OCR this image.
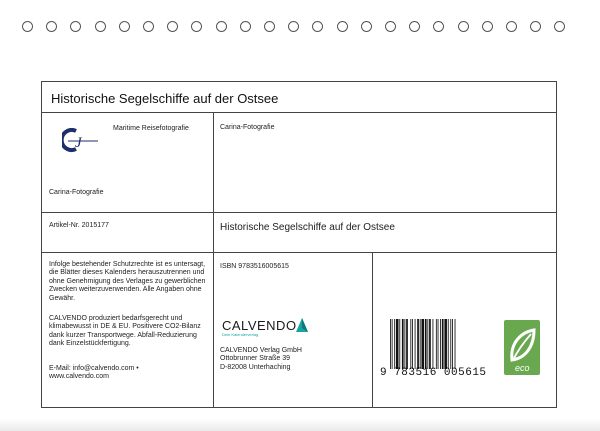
Historische Segelschiffe auf der Ostsee
J
Maritime Reisefotografie
Carina-Fotografie
Carina-Fotografie
Artikel-Nr. 2015177	Historische Segelschiffe auf der Ostsee
Infolge bestehender Schutzrechte ist es untersagt, die Blätter dieses Kalenders herauszutrennen und ohne Genehmigung des Verlages zu gewerblichen Zwecken weiterzuverwenden. Alle Angaben ohne Gewähr.
CALVENDO produziert bedarfsgerecht und klimabewusst in DE & EU. Positivere CO2-Bilanz dank kurzer Transportwege. Abfall-Reduzierung dank Einzelstückfertigung.
E-Mail: info@calvendo.com •
www.calvendo.com
ISBN 9783516005615
CALVENDO
Dein Kalenderverlag
CALVENDO Verlag GmbH
Ottobrunner Straße 39
D-82008 Unterhaching	9 783516 005615	eco
